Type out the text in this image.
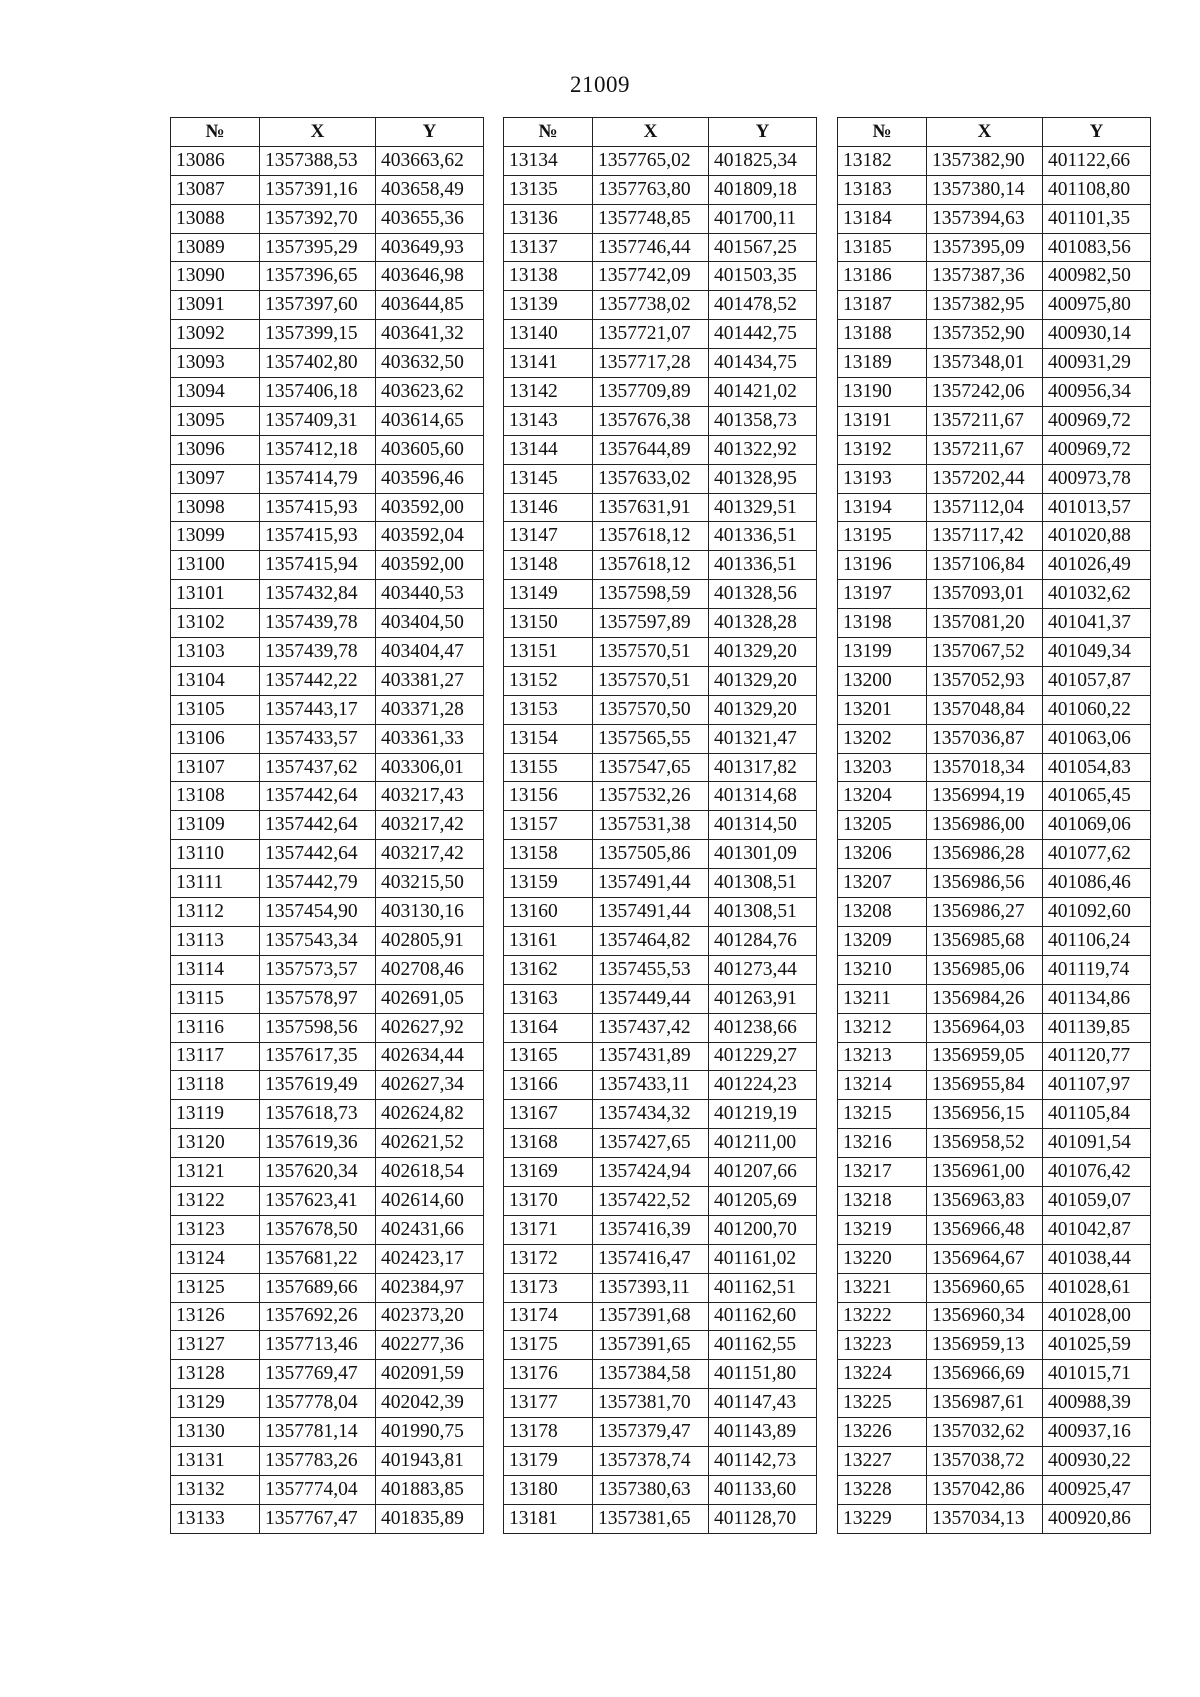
21009
№	X	Y
13086	1357388,53	403663,62
13087	1357391,16	403658,49
13088	1357392,70	403655,36
13089	1357395,29	403649,93
13090	1357396,65	403646,98
13091	1357397,60	403644,85
13092	1357399,15	403641,32
13093	1357402,80	403632,50
13094	1357406,18	403623,62
13095	1357409,31	403614,65
13096	1357412,18	403605,60
13097	1357414,79	403596,46
13098	1357415,93	403592,00
13099	1357415,93	403592,04
13100	1357415,94	403592,00
13101	1357432,84	403440,53
13102	1357439,78	403404,50
13103	1357439,78	403404,47
13104	1357442,22	403381,27
13105	1357443,17	403371,28
13106	1357433,57	403361,33
13107	1357437,62	403306,01
13108	1357442,64	403217,43
13109	1357442,64	403217,42
13110	1357442,64	403217,42
13111	1357442,79	403215,50
13112	1357454,90	403130,16
13113	1357543,34	402805,91
13114	1357573,57	402708,46
13115	1357578,97	402691,05
13116	1357598,56	402627,92
13117	1357617,35	402634,44
13118	1357619,49	402627,34
13119	1357618,73	402624,82
13120	1357619,36	402621,52
13121	1357620,34	402618,54
13122	1357623,41	402614,60
13123	1357678,50	402431,66
13124	1357681,22	402423,17
13125	1357689,66	402384,97
13126	1357692,26	402373,20
13127	1357713,46	402277,36
13128	1357769,47	402091,59
13129	1357778,04	402042,39
13130	1357781,14	401990,75
13131	1357783,26	401943,81
13132	1357774,04	401883,85
13133	1357767,47	401835,89
№	X	Y
13134	1357765,02	401825,34
13135	1357763,80	401809,18
13136	1357748,85	401700,11
13137	1357746,44	401567,25
13138	1357742,09	401503,35
13139	1357738,02	401478,52
13140	1357721,07	401442,75
13141	1357717,28	401434,75
13142	1357709,89	401421,02
13143	1357676,38	401358,73
13144	1357644,89	401322,92
13145	1357633,02	401328,95
13146	1357631,91	401329,51
13147	1357618,12	401336,51
13148	1357618,12	401336,51
13149	1357598,59	401328,56
13150	1357597,89	401328,28
13151	1357570,51	401329,20
13152	1357570,51	401329,20
13153	1357570,50	401329,20
13154	1357565,55	401321,47
13155	1357547,65	401317,82
13156	1357532,26	401314,68
13157	1357531,38	401314,50
13158	1357505,86	401301,09
13159	1357491,44	401308,51
13160	1357491,44	401308,51
13161	1357464,82	401284,76
13162	1357455,53	401273,44
13163	1357449,44	401263,91
13164	1357437,42	401238,66
13165	1357431,89	401229,27
13166	1357433,11	401224,23
13167	1357434,32	401219,19
13168	1357427,65	401211,00
13169	1357424,94	401207,66
13170	1357422,52	401205,69
13171	1357416,39	401200,70
13172	1357416,47	401161,02
13173	1357393,11	401162,51
13174	1357391,68	401162,60
13175	1357391,65	401162,55
13176	1357384,58	401151,80
13177	1357381,70	401147,43
13178	1357379,47	401143,89
13179	1357378,74	401142,73
13180	1357380,63	401133,60
13181	1357381,65	401128,70
№	X	Y
13182	1357382,90	401122,66
13183	1357380,14	401108,80
13184	1357394,63	401101,35
13185	1357395,09	401083,56
13186	1357387,36	400982,50
13187	1357382,95	400975,80
13188	1357352,90	400930,14
13189	1357348,01	400931,29
13190	1357242,06	400956,34
13191	1357211,67	400969,72
13192	1357211,67	400969,72
13193	1357202,44	400973,78
13194	1357112,04	401013,57
13195	1357117,42	401020,88
13196	1357106,84	401026,49
13197	1357093,01	401032,62
13198	1357081,20	401041,37
13199	1357067,52	401049,34
13200	1357052,93	401057,87
13201	1357048,84	401060,22
13202	1357036,87	401063,06
13203	1357018,34	401054,83
13204	1356994,19	401065,45
13205	1356986,00	401069,06
13206	1356986,28	401077,62
13207	1356986,56	401086,46
13208	1356986,27	401092,60
13209	1356985,68	401106,24
13210	1356985,06	401119,74
13211	1356984,26	401134,86
13212	1356964,03	401139,85
13213	1356959,05	401120,77
13214	1356955,84	401107,97
13215	1356956,15	401105,84
13216	1356958,52	401091,54
13217	1356961,00	401076,42
13218	1356963,83	401059,07
13219	1356966,48	401042,87
13220	1356964,67	401038,44
13221	1356960,65	401028,61
13222	1356960,34	401028,00
13223	1356959,13	401025,59
13224	1356966,69	401015,71
13225	1356987,61	400988,39
13226	1357032,62	400937,16
13227	1357038,72	400930,22
13228	1357042,86	400925,47
13229	1357034,13	400920,86
